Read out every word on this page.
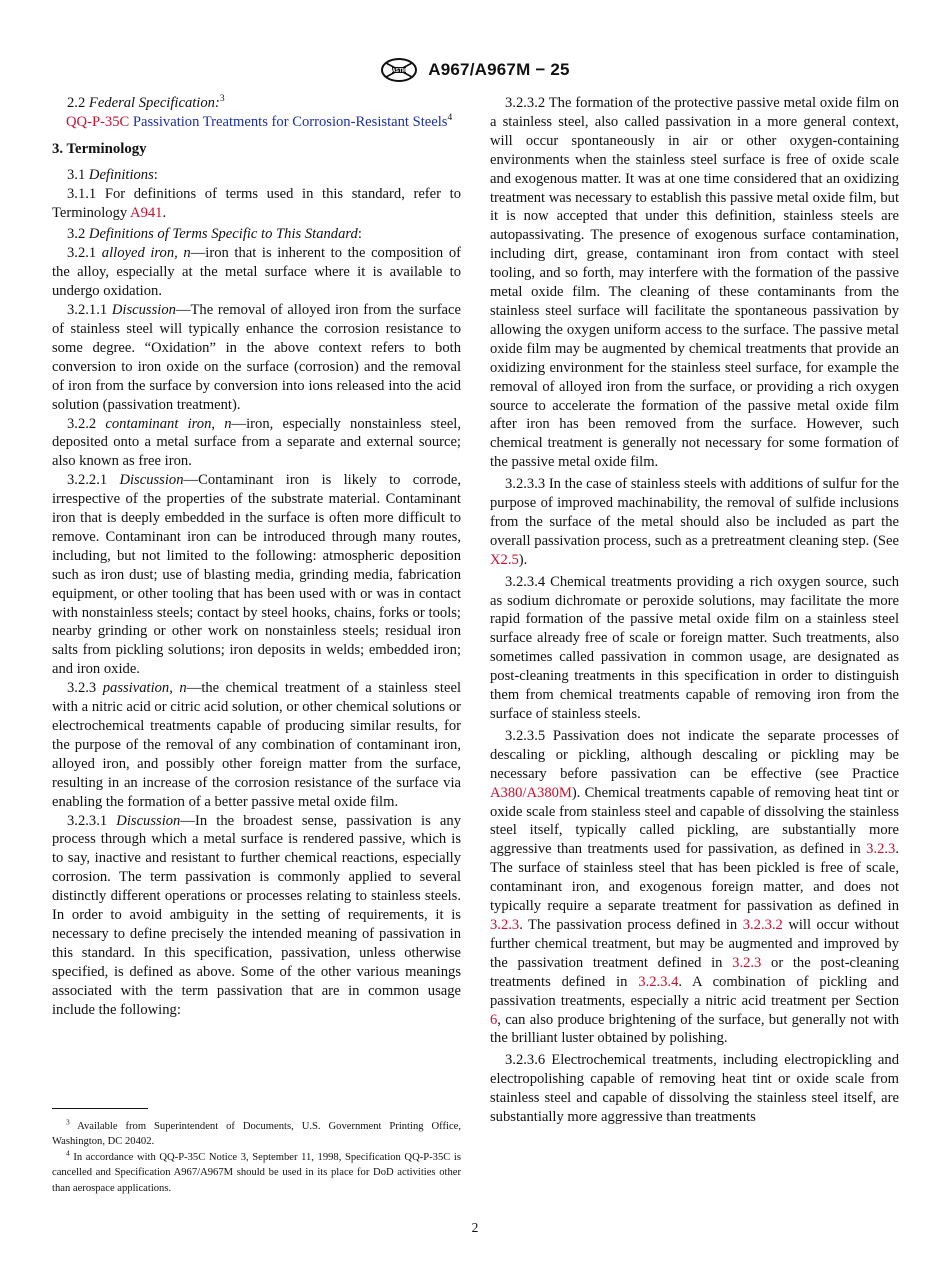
ASTM A967/A967M − 25

2.2 Federal Specification:$^3$

QQ-P-35C Passivation Treatments for Corrosion-Resistant Steels$^4$

3. Terminology

3.1 Definitions:

3.1.1 For definitions of terms used in this standard, refer to Terminology A941.

3.2 Definitions of Terms Specific to This Standard:

3.2.1 alloyed iron, n—iron that is inherent to the composition of the alloy, especially at the metal surface where it is available to undergo oxidation.

3.2.1.1 Discussion—The removal of alloyed iron from the surface of stainless steel will typically enhance the corrosion resistance to some degree. “Oxidation” in the above context refers to both conversion to iron oxide on the surface (corrosion) and the removal of iron from the surface by conversion into ions released into the acid solution (passivation treatment).

3.2.2 contaminant iron, n—iron, especially nonstainless steel, deposited onto a metal surface from a separate and external source; also known as free iron.

3.2.2.1 Discussion—Contaminant iron is likely to corrode, irrespective of the properties of the substrate material. Contaminant iron that is deeply embedded in the surface is often more difficult to remove. Contaminant iron can be introduced through many routes, including, but not limited to the following: atmospheric deposition such as iron dust; use of blasting media, grinding media, fabrication equipment, or other tooling that has been used with or was in contact with nonstainless steels; contact by steel hooks, chains, forks or tools; nearby grinding or other work on nonstainless steels; residual iron salts from pickling solutions; iron deposits in welds; embedded iron; and iron oxide.

3.2.3 passivation, n—the chemical treatment of a stainless steel with a nitric acid or citric acid solution, or other chemical solutions or electrochemical treatments capable of producing similar results, for the purpose of the removal of any combination of contaminant iron, alloyed iron, and possibly other foreign matter from the surface, resulting in an increase of the corrosion resistance of the surface via enabling the formation of a better passive metal oxide film.

3.2.3.1 Discussion—In the broadest sense, passivation is any process through which a metal surface is rendered passive, which is to say, inactive and resistant to further chemical reactions, especially corrosion. The term passivation is commonly applied to several distinctly different operations or processes relating to stainless steels. In order to avoid ambiguity in the setting of requirements, it is necessary to define precisely the intended meaning of passivation in this standard. In this specification, passivation, unless otherwise specified, is defined as above. Some of the other various meanings associated with the term passivation that are in common usage include the following:

$^3$ Available from Superintendent of Documents, U.S. Government Printing Office, Washington, DC 20402.

$^4$ In accordance with QQ-P-35C Notice 3, September 11, 1998, Specification QQ-P-35C is cancelled and Specification A967/A967M should be used in its place for DoD activities other than aerospace applications.

3.2.3.2 The formation of the protective passive metal oxide film on a stainless steel, also called passivation in a more general context, will occur spontaneously in air or other oxygen-containing environments when the stainless steel surface is free of oxide scale and exogenous matter. It was at one time considered that an oxidizing treatment was necessary to establish this passive metal oxide film, but it is now accepted that under this definition, stainless steels are autopassivating. The presence of exogenous surface contamination, including dirt, grease, contaminant iron from contact with steel tooling, and so forth, may interfere with the formation of the passive metal oxide film. The cleaning of these contaminants from the stainless steel surface will facilitate the spontaneous passivation by allowing the oxygen uniform access to the surface. The passive metal oxide film may be augmented by chemical treatments that provide an oxidizing environment for the stainless steel surface, for example the removal of alloyed iron from the surface, or providing a rich oxygen source to accelerate the formation of the passive metal oxide film after iron has been removed from the surface. However, such chemical treatment is generally not necessary for some formation of the passive metal oxide film.

3.2.3.3 In the case of stainless steels with additions of sulfur for the purpose of improved machinability, the removal of sulfide inclusions from the surface of the metal should also be included as part the overall passivation process, such as a pretreatment cleaning step. (See X2.5).

3.2.3.4 Chemical treatments providing a rich oxygen source, such as sodium dichromate or peroxide solutions, may facilitate the more rapid formation of the passive metal oxide film on a stainless steel surface already free of scale or foreign matter. Such treatments, also sometimes called passivation in common usage, are designated as post-cleaning treatments in this specification in order to distinguish them from chemical treatments capable of removing iron from the surface of stainless steels.

3.2.3.5 Passivation does not indicate the separate processes of descaling or pickling, although descaling or pickling may be necessary before passivation can be effective (see Practice A380/A380M). Chemical treatments capable of removing heat tint or oxide scale from stainless steel and capable of dissolving the stainless steel itself, typically called pickling, are substantially more aggressive than treatments used for passivation, as defined in 3.2.3. The surface of stainless steel that has been pickled is free of scale, contaminant iron, and exogenous foreign matter, and does not typically require a separate treatment for passivation as defined in 3.2.3. The passivation process defined in 3.2.3.2 will occur without further chemical treatment, but may be augmented and improved by the passivation treatment defined in 3.2.3 or the post-cleaning treatments defined in 3.2.3.4. A combination of pickling and passivation treatments, especially a nitric acid treatment per Section 6, can also produce brightening of the surface, but generally not with the brilliant luster obtained by polishing.

3.2.3.6 Electrochemical treatments, including electropickling and electropolishing capable of removing heat tint or oxide scale from stainless steel and capable of dissolving the stainless steel itself, are substantially more aggressive than treatments

2
